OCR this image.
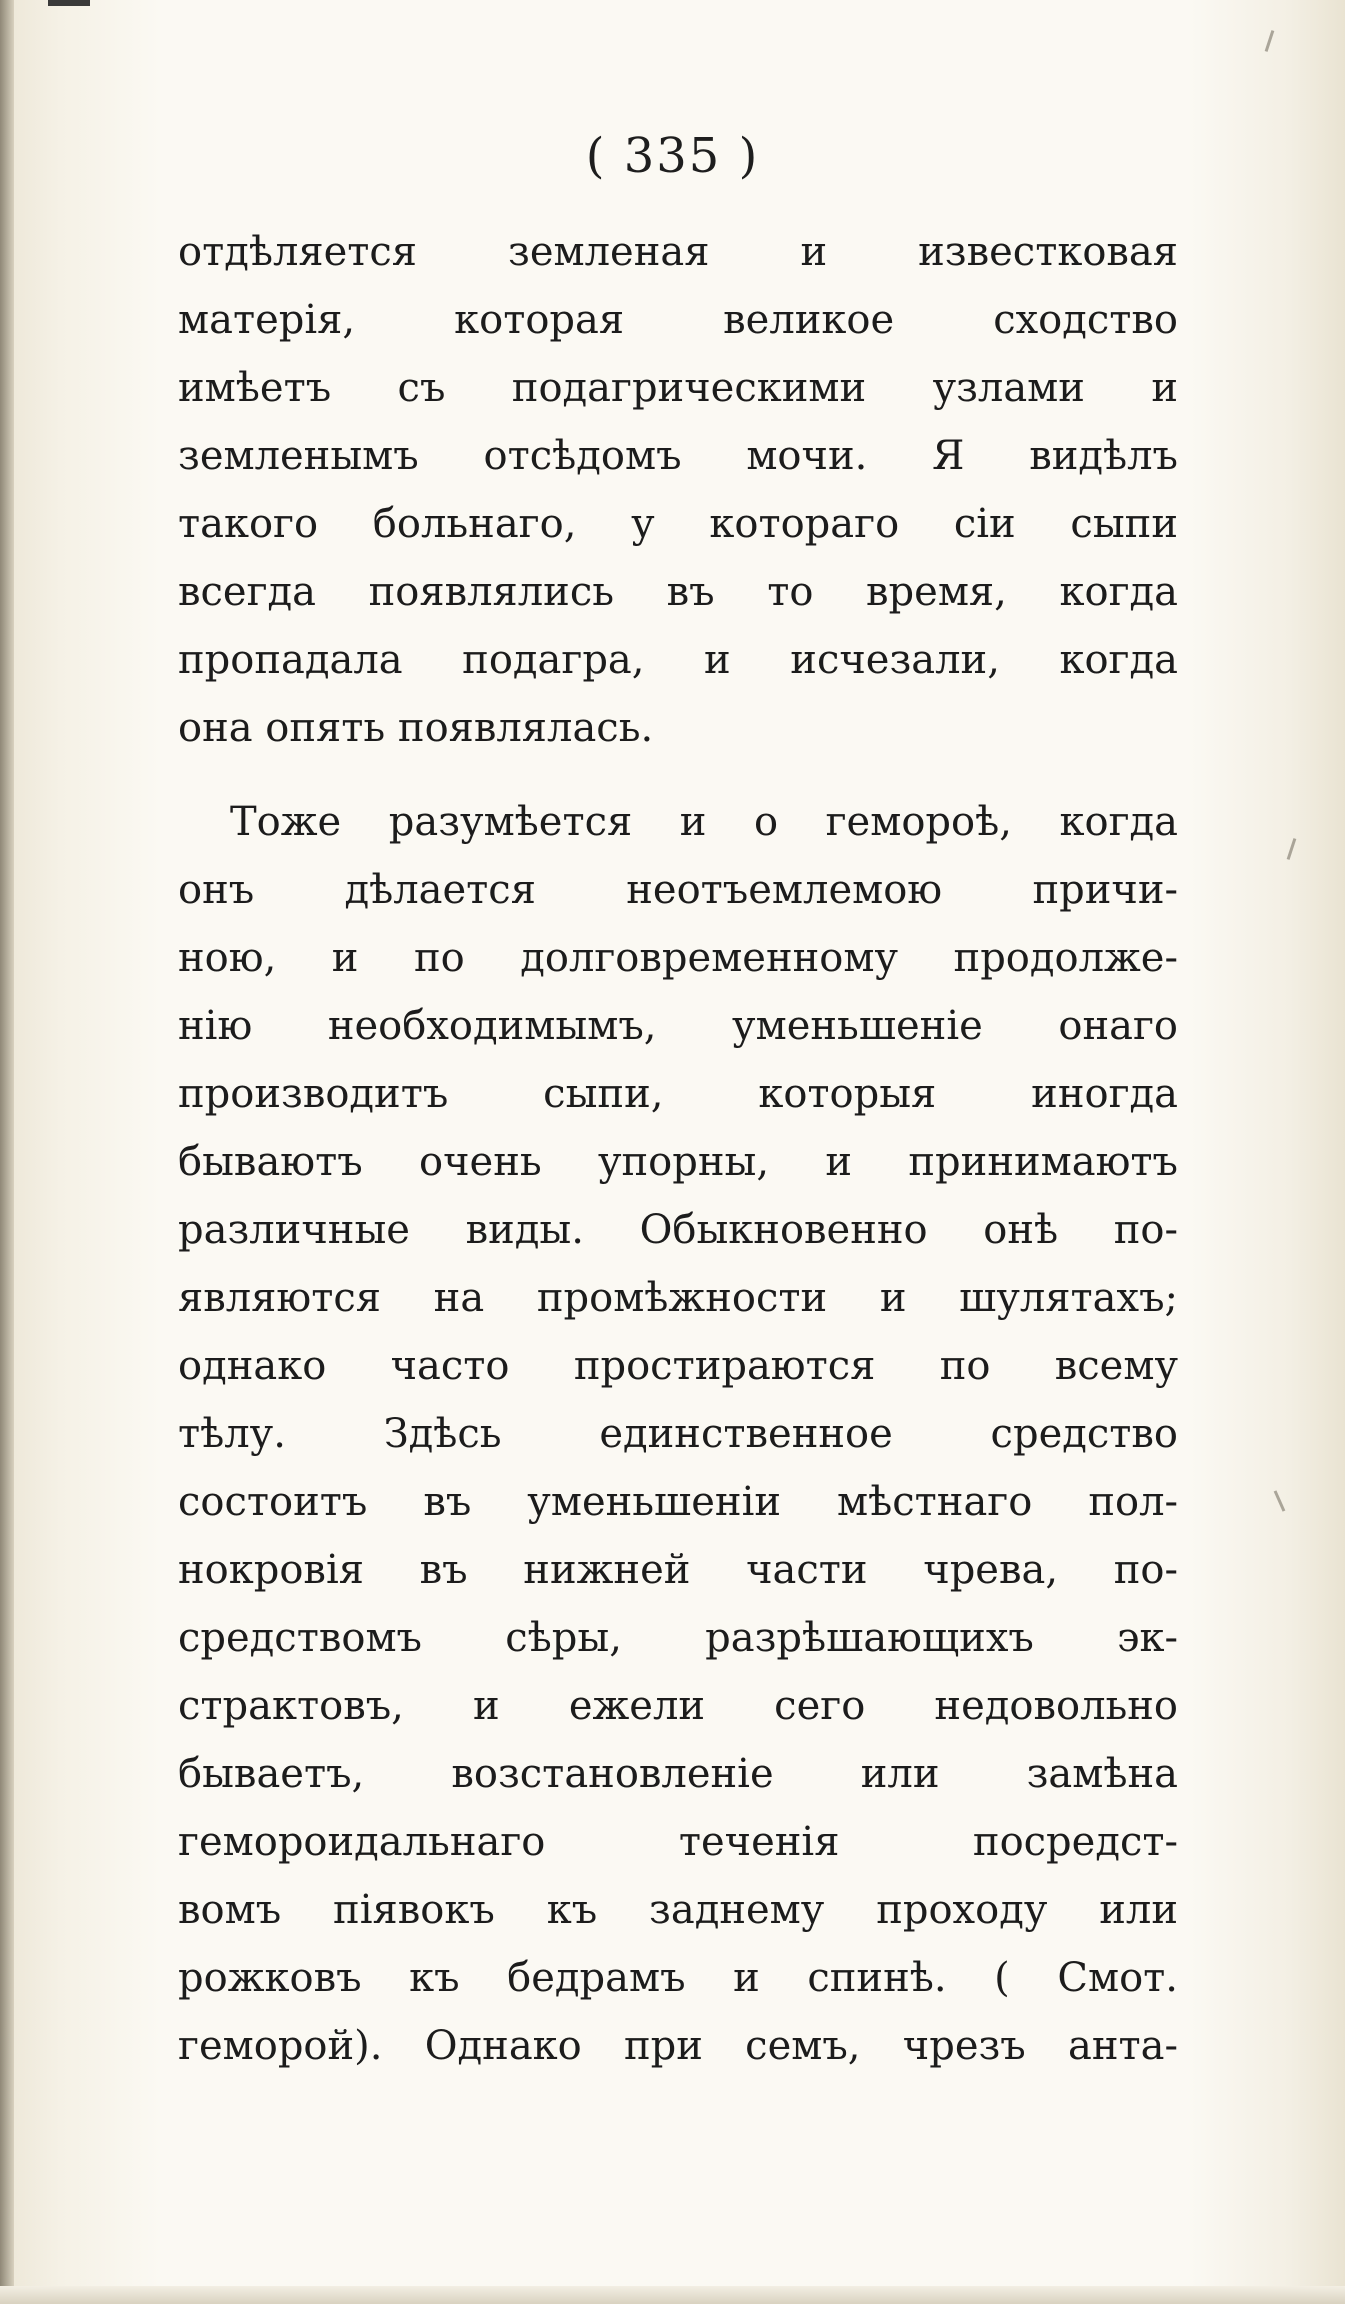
( 335 )
отдѣляется земленая и известковая
матерія, которая великое сходство
имѣетъ съ подагрическими узлами и
земленымъ отсѣдомъ мочи. Я видѣлъ
такого больнаго, у котораго сіи сыпи
всегда появлялись въ то время, когда
пропадала подагра, и исчезали, когда
она опять появлялась.
Тоже разумѣется и о геморoѣ, когда
онъ дѣлается неотъемлемою причи-
ною, и по долговременному продолже-
нію необходимымъ, уменьшеніе онаго
производитъ сыпи, которыя иногда
бываютъ очень упорны, и принимаютъ
различные виды. Обыкновенно онѣ по-
являются на промѣжности и шулятахъ;
однако часто простираются по всему
тѣлу. Здѣсь единственное средство
состоитъ въ уменьшеніи мѣстнаго пол-
нокровія въ нижней части чрева, по-
средствомъ сѣры, разрѣшающихъ эк-
страктовъ, и ежели сего недовольно
бываетъ, возстановленіе или замѣна
гемороидальнаго теченія посредст-
вомъ піявокъ къ заднему проходу или
рожковъ къ бедрамъ и спинѣ. ( Смот.
геморой). Однако при семъ, чрезъ анта-
